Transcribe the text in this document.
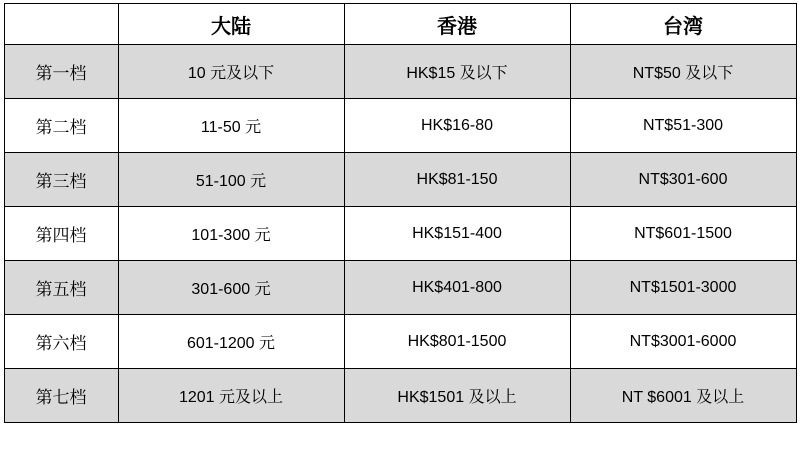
	大陆	香港	台湾
第一档	10 元及以下	HK$15 及以下	NT$50 及以下
第二档	11-50 元	HK$16-80	NT$51-300
第三档	51-100 元	HK$81-150	NT$301-600
第四档	101-300 元	HK$151-400	NT$601-1500
第五档	301-600 元	HK$401-800	NT$1501-3000
第六档	601-1200 元	HK$801-1500	NT$3001-6000
第七档	1201 元及以上	HK$1501 及以上	NT $6001 及以上
